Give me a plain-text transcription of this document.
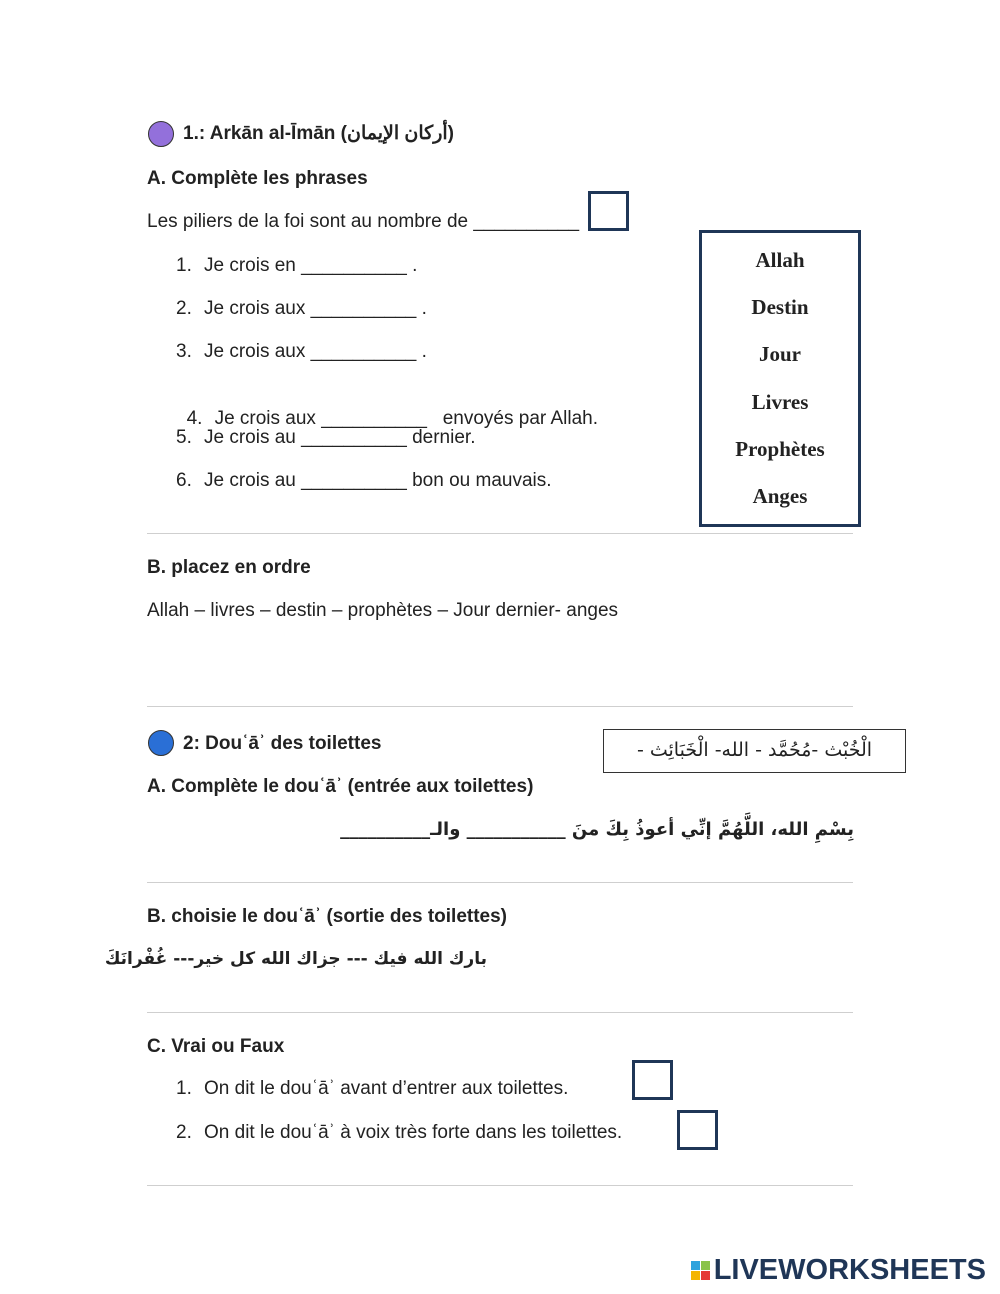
1.: Arkān al-Īmān (أركان الإيمان)
A. Complète les phrases
Les piliers de la foi sont au nombre de __________
1. Je crois en __________ .
2. Je crois aux __________ .
3. Je crois aux __________ .

4. Je crois aux __________   envoyés par Allah.

5. Je crois au __________ dernier.
6. Je crois au __________ bon ou mauvais.
Allah
Destin
Jour
Livres
Prophètes
Anges
B. placez en ordre
Allah – livres – destin – prophètes – Jour dernier- anges
2: Douʿāʾ des toilettes	الْخُبْث -مُحُمَّد - الله- الْخَبَائِث -
A. Complète le douʿāʾ (entrée aux toilettes)
بِسْمِ الله، اللَّهُمَّ إنِّي أعوذُ بِكَ منَ ___________ والـ__________
B. choisie le douʿāʾ (sortie des toilettes)
بارك الله فيك --- جزاك الله كل خير--- غُفْرانَكَ
C. Vrai ou Faux
1. On dit le douʿāʾ avant d’entrer aux toilettes.
2. On dit le douʿāʾ à voix très forte dans les toilettes.
LIVEWORKSHEETS
